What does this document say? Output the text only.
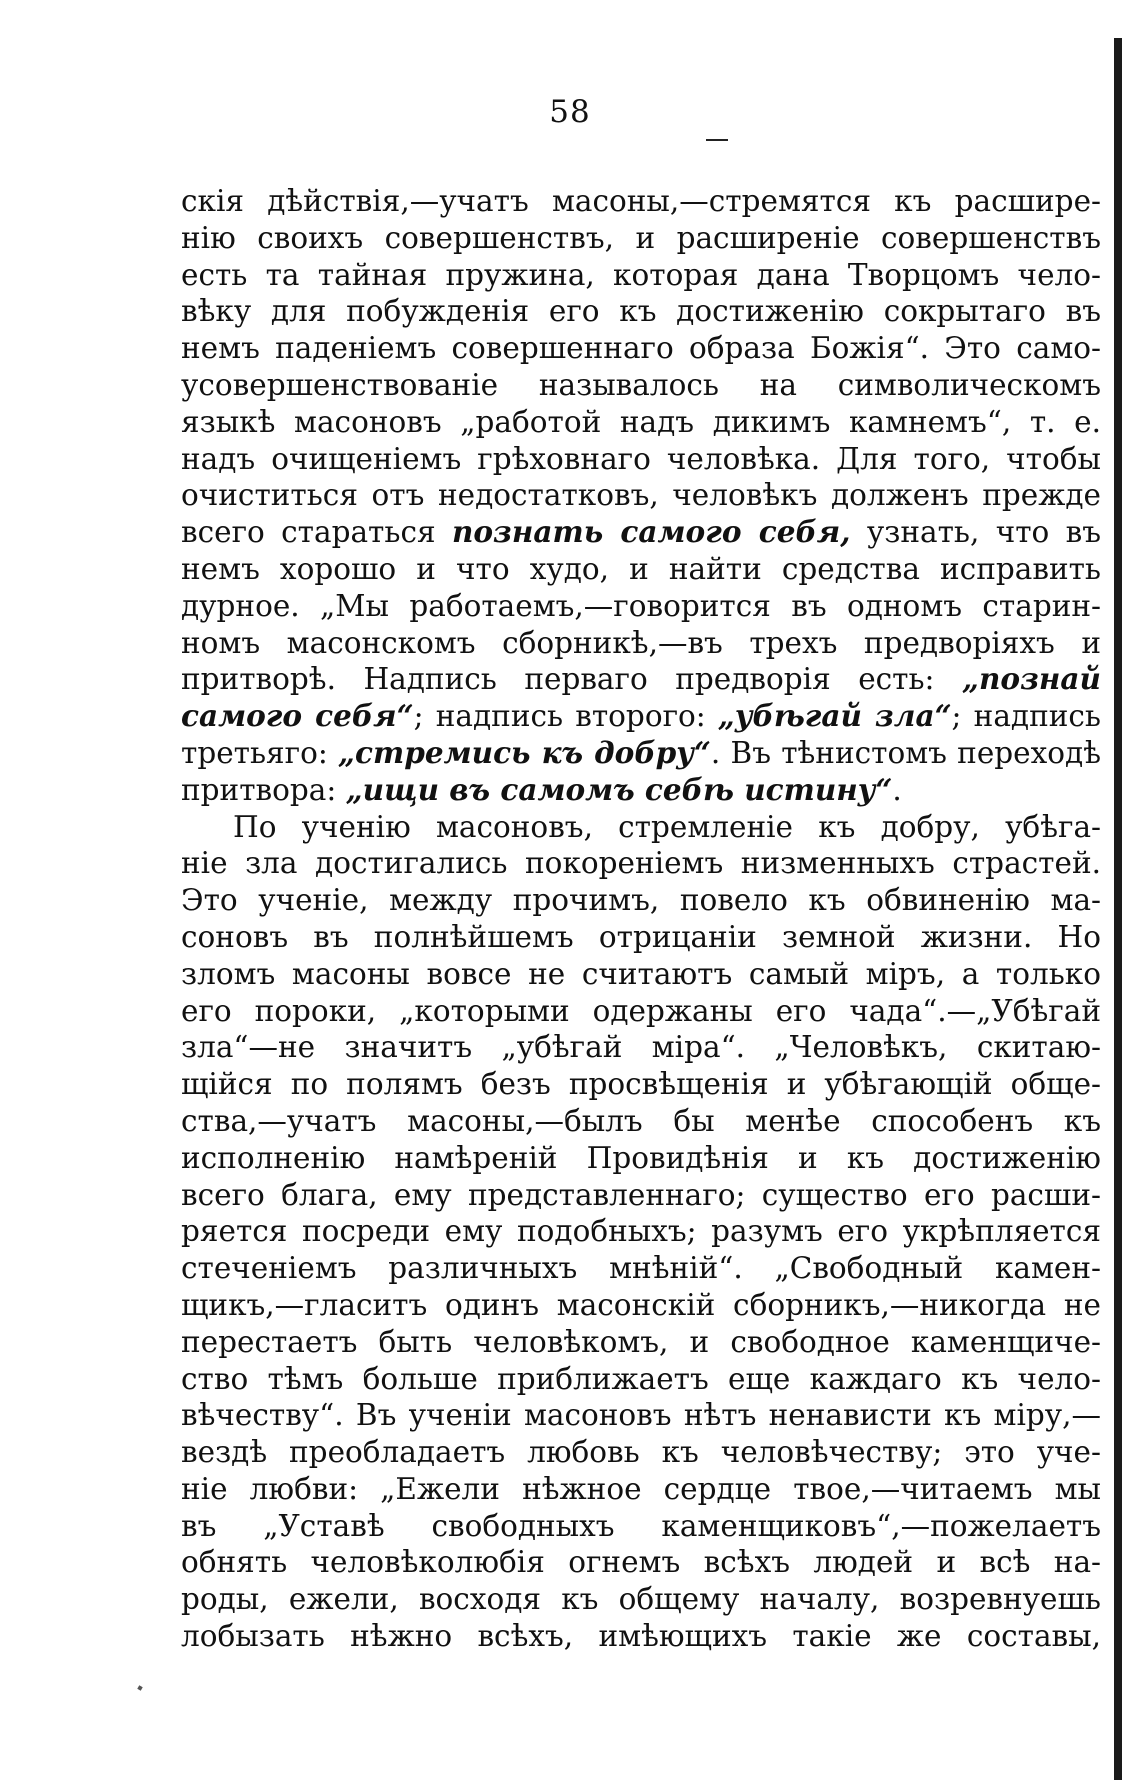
58
скія дѣйствія,—учатъ масоны,—стремятся къ расшире-
нію своихъ совершенствъ, и расширеніе совершенствъ
есть та тайная пружина, которая дана Творцомъ чело-
вѣку для побужденія его къ достиженію сокрытаго въ
немъ паденіемъ совершеннаго образа Божія“. Это само-
усовершенствованіе называлось на символическомъ
языкѣ масоновъ „работой надъ дикимъ камнемъ“, т. е.
надъ очищеніемъ грѣховнаго человѣка. Для того, чтобы
очиститься отъ недостатковъ, человѣкъ долженъ прежде
всего стараться познать самого себя, узнать, что въ
немъ хорошо и что худо, и найти средства исправить
дурное. „Мы работаемъ,—говорится въ одномъ старин-
номъ масонскомъ сборникѣ,—въ трехъ предворіяхъ и
притворѣ. Надпись перваго предворія есть: „познай
самого себя“; надпись второго: „убѣгай зла“; надпись
третьяго: „стремись къ добру“. Въ тѣнистомъ переходѣ
притвора: „ищи въ самомъ себѣ истину“.
По ученію масоновъ, стремленіе къ добру, убѣга-
ніе зла достигались покореніемъ низменныхъ страстей.
Это ученіе, между прочимъ, повело къ обвиненію ма-
соновъ въ полнѣйшемъ отрицаніи земной жизни. Но
зломъ масоны вовсе не считаютъ самый міръ, а только
его пороки, „которыми одержаны его чада“.—„Убѣгай
зла“—не значитъ „убѣгай міра“. „Человѣкъ, скитаю-
щійся по полямъ безъ просвѣщенія и убѣгающій обще-
ства,—учатъ масоны,—былъ бы менѣе способенъ къ
исполненію намѣреній Провидѣнія и къ достиженію
всего блага, ему представленнаго; существо его расши-
ряется посреди ему подобныхъ; разумъ его укрѣпляется
стеченіемъ различныхъ мнѣній“. „Свободный камен-
щикъ,—гласитъ одинъ масонскій сборникъ,—никогда не
перестаетъ быть человѣкомъ, и свободное каменщиче-
ство тѣмъ больше приближаетъ еще каждаго къ чело-
вѣчеству“. Въ ученіи масоновъ нѣтъ ненависти къ міру,—
вездѣ преобладаетъ любовь къ человѣчеству; это уче-
ніе любви: „Ежели нѣжное сердце твое,—читаемъ мы
въ „Уставѣ свободныхъ каменщиковъ“,—пожелаетъ
обнять человѣколюбія огнемъ всѣхъ людей и всѣ на-
роды, ежели, восходя къ общему началу, возревнуешь
лобызать нѣжно всѣхъ, имѣющихъ такіе же составы,
